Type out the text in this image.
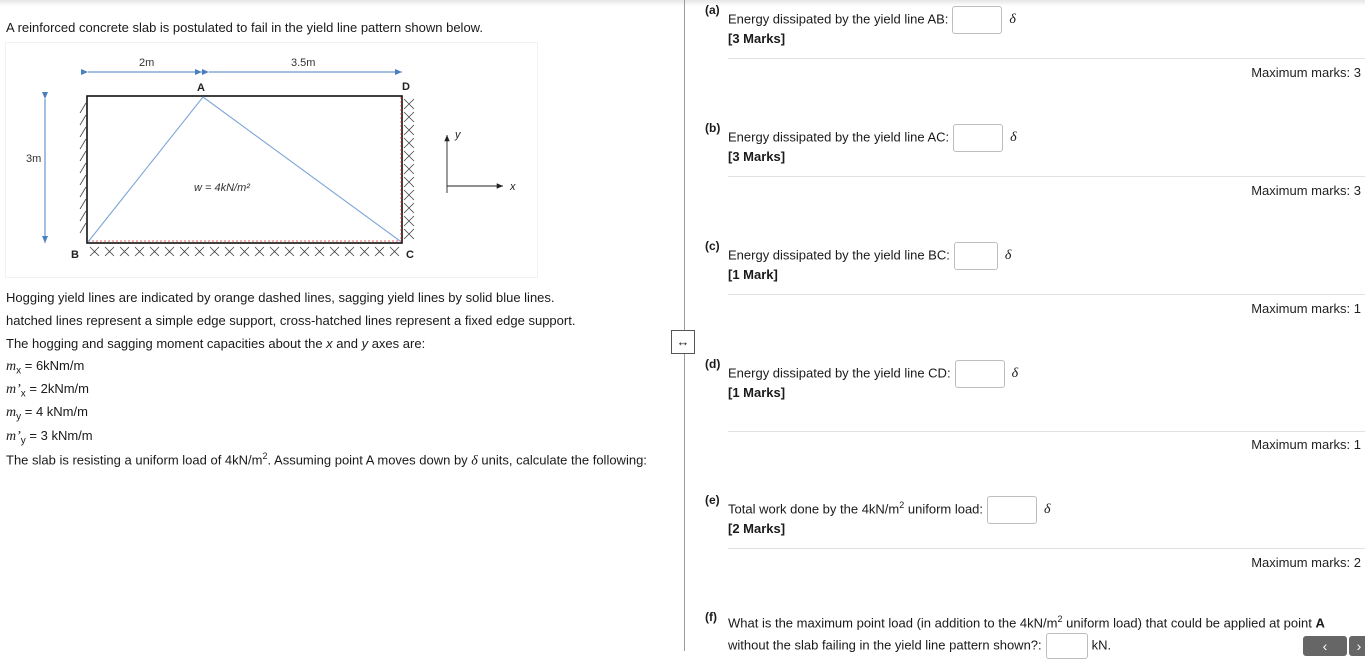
A reinforced concrete slab is postulated to fail in the yield line pattern shown below.
2m	3.5m
3m
A	D
B	C
w = 4kN/m²
y
x
Hogging yield lines are indicated by orange dashed lines, sagging yield lines by solid blue lines.
hatched lines represent a simple edge support, cross-hatched lines represent a fixed edge support.
The hogging and sagging moment capacities about the x and y axes are:
$m_x = 6kNm/m$
$m’_x = 2kNm/m$
$m_y = 4$ kNm/m
$m’_y = 3$ kNm/m
The slab is resisting a uniform load of $4kN/m^2$. Assuming point A moves down by δ units, calculate the following:
↔
(a)
Energy dissipated by the yield line AB:	δ
[3 Marks]
Maximum marks: 3
(b)
Energy dissipated by the yield line AC:	δ
[3 Marks]
Maximum marks: 3
(c)
Energy dissipated by the yield line BC:	δ
[1 Mark]
Maximum marks: 1
(d)
Energy dissipated by the yield line CD:	δ
[1 Marks]
Maximum marks: 1
(e)
Total work done by the $4kN/m^2$ uniform load:	δ
[2 Marks]
Maximum marks: 2
(f) What is the maximum point load (in addition to the $4kN/m^2$ uniform load) that could be applied at point A without the slab failing in the yield line pattern shown?:	kN.	‹	›
